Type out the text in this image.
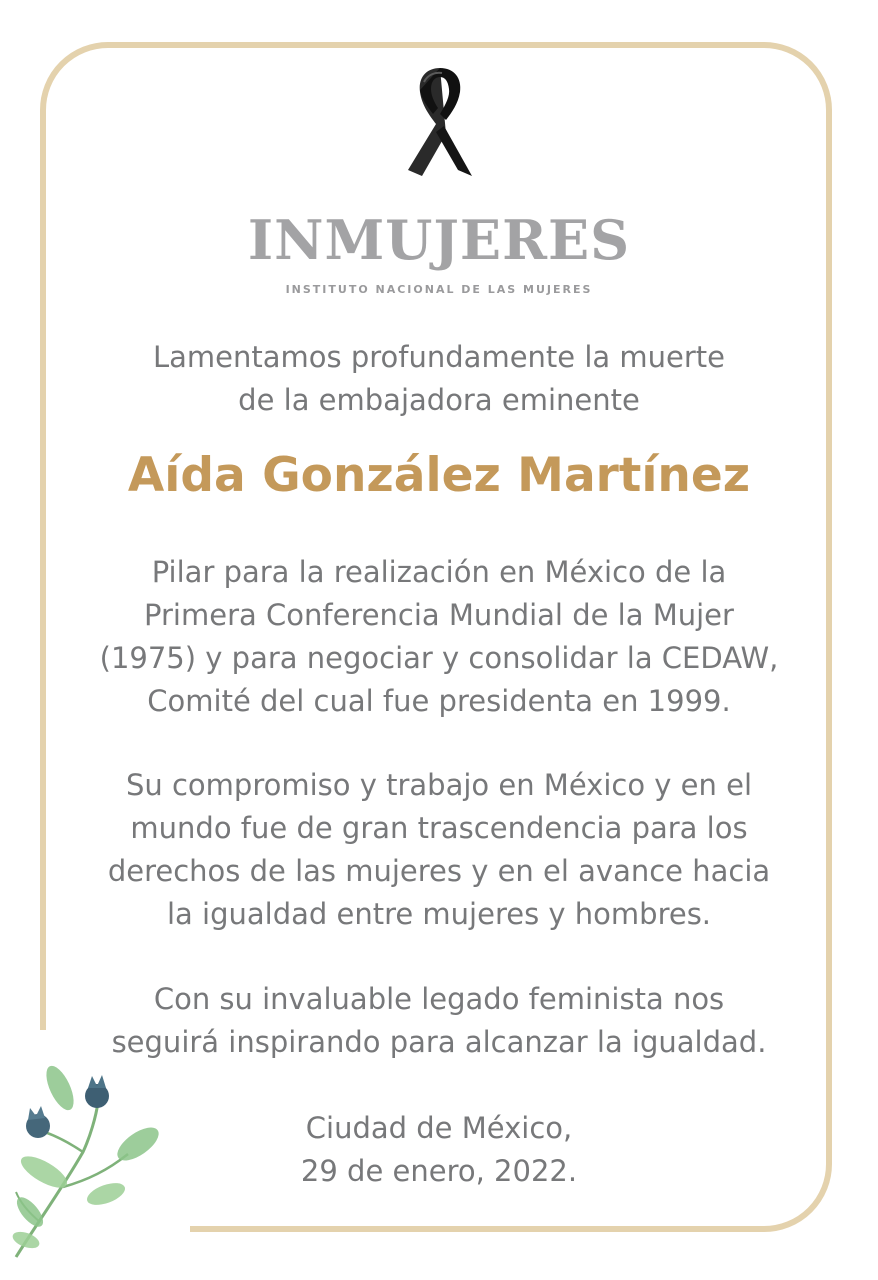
INMUJERES
INSTITUTO NACIONAL DE LAS MUJERES
Lamentamos profundamente la muerte
de la embajadora eminente
Aída González Martínez
Pilar para la realización en México de la
Primera Conferencia Mundial de la Mujer
(1975) y para negociar y consolidar la CEDAW,
Comité del cual fue presidenta en 1999.
Su compromiso y trabajo en México y en el
mundo fue de gran trascendencia para los
derechos de las mujeres y en el avance hacia
la igualdad entre mujeres y hombres.
Con su invaluable legado feminista nos
seguirá inspirando para alcanzar la igualdad.
Ciudad de México,
29 de enero, 2022.
